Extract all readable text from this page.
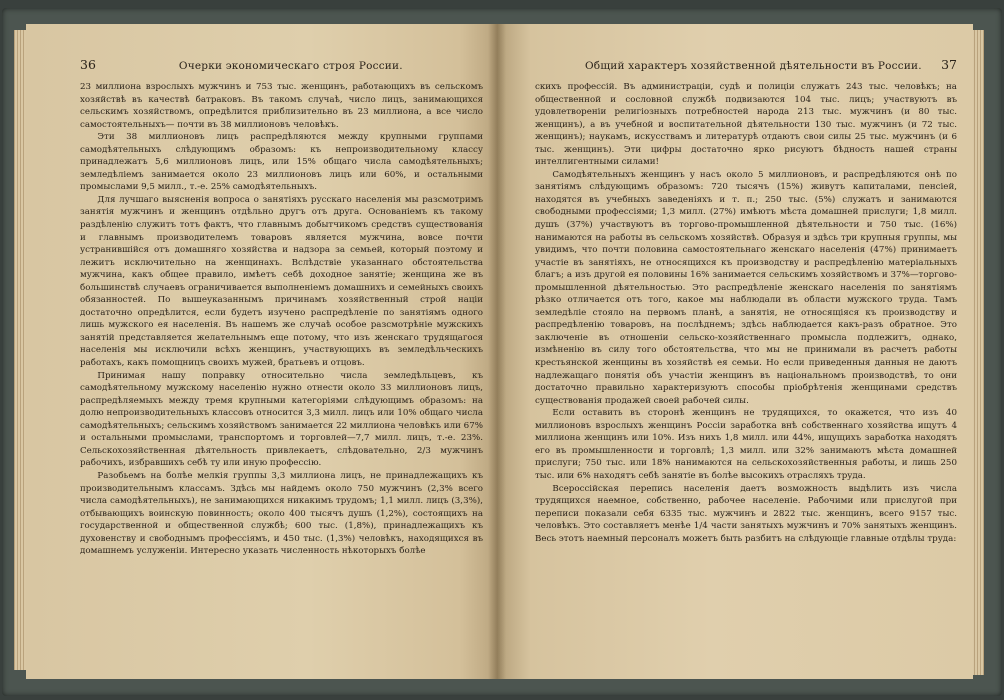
36	Очерки экономическаго строя России.

23 миллиона взрослыхъ мужчинъ и 753 тыс. женщинъ, работающихъ въ сельскомъ хозяйствѣ въ качествѣ батраковъ. Въ такомъ случаѣ, число лицъ, занимающихся сельскимъ хозяйствомъ, опредѣлится приблизительно въ 23 миллиона, а все число самостоятельныхъ— почти въ 38 миллионовъ человѣкъ.

Эти 38 миллионовъ лицъ распредѣляются между крупными группами самодѣятельныхъ слѣдующимъ образомъ: къ непроизводительному классу принадлежатъ 5,6 миллионовъ лицъ, или 15% общаго числа самодѣятельныхъ; земледѣлiемъ занимается около 23 миллионовъ лицъ или 60%, и остальными промыслами 9,5 милл., т.-е. 25% самодѣятельныхъ.

Для лучшаго выясненiя вопроса о занятiяхъ русскаго населенiя мы разсмотримъ занятiя мужчинъ и женщинъ отдѣльно другъ отъ друга. Основанiемъ къ такому раздѣленiю служитъ тотъ фактъ, что главнымъ добытчикомъ средствъ существованiя и главнымъ производителемъ товаровъ является мужчина, вовсе почти устранившiйся отъ домашняго хозяйства и надзора за семьей, который поэтому и лежитъ исключительно на женщинахъ. Вслѣдствiе указаннаго обстоятельства мужчина, какъ общее правило, имѣетъ себѣ доходное занятiе; женщина же въ большинствѣ случаевъ ограничивается выполненiемъ домашнихъ и семейныхъ своихъ обязанностей. По вышеуказаннымъ причинамъ хозяйственный строй нацiи достаточно опредѣлится, если будетъ изучено распредѣленiе по занятiямъ одного лишь мужского ея населенiя. Въ нашемъ же случаѣ особое разсмотрѣнiе мужскихъ занятiй представляется желательнымъ еще потому, что изъ женскаго трудящагося населенiя мы исключили всѣхъ женщинъ, участвующихъ въ земледѣльческихъ работахъ, какъ помощницъ своихъ мужей, братьевъ и отцовъ.

Принимая нашу поправку относительно числа земледѣльцевъ, къ самодѣятельному мужскому населенiю нужно отнести около 33 миллионовъ лицъ, распредѣляемыхъ между тремя крупными категорiями слѣдующимъ образомъ: на долю непроизводительныхъ классовъ относится 3,3 милл. лицъ или 10% общаго числа самодѣятельныхъ; сельскимъ хозяйствомъ занимается 22 миллиона человѣкъ или 67% и остальными промыслами, транспортомъ и торговлей—7,7 милл. лицъ, т.-е. 23%. Сельскохозяйственная дѣятельность привлекаетъ, слѣдовательно, 2/3 мужчинъ рабочихъ, избравшихъ себѣ ту или иную профессiю.

Разобьемъ на болѣе мелкiя группы 3,3 миллиона лицъ, не принадлежащихъ къ производительнымъ классамъ. Здѣсь мы найдемъ около 750 мужчинъ (2,3% всего числа самодѣятельныхъ), не занимающихся никакимъ трудомъ; 1,1 милл. лицъ (3,3%), отбывающихъ воинскую повинность; около 400 тысячъ душъ (1,2%), состоящихъ на государственной и общественной службѣ; 600 тыс. (1,8%), принадлежащихъ къ духовенству и свободнымъ профессiямъ, и 450 тыс. (1,3%) человѣкъ, находящихся въ домашнемъ услуженiи. Интересно указать численность нѣкоторыхъ болѣе

Общий характеръ хозяйственной дѣятельности въ России. 37

скихъ профессiй. Въ администрацiи, судѣ и полицiи служатъ 243 тыс. человѣкъ; на общественной и сословной службѣ подвизаются 104 тыс. лицъ; участвуютъ въ удовлетворенiи религiозныхъ потребностей народа 213 тыс. мужчинъ (и 80 тыс. женщинъ), а въ учебной и воспитательной дѣятельности 130 тыс. мужчинъ (и 72 тыс. женщинъ); наукамъ, искусствамъ и литературѣ отдаютъ свои силы 25 тыс. мужчинъ (и 6 тыс. женщинъ). Эти цифры достаточно ярко рисуютъ бѣдность нашей страны интеллигентными силами!

Самодѣятельныхъ женщинъ у насъ около 5 миллионовъ, и распредѣляются онѣ по занятiямъ слѣдующимъ образомъ: 720 тысячъ (15%) живутъ капиталами, пенсiей, находятся въ учебныхъ заведенiяхъ и т. п.; 250 тыс. (5%) служатъ и занимаются свободными профессiями; 1,3 милл. (27%) имѣютъ мѣста домашней прислуги; 1,8 милл. душъ (37%) участвуютъ въ торгово-промышленной дѣятельности и 750 тыс. (16%) нанимаются на работы въ сельскомъ хозяйствѣ. Образуя и здѣсь три крупныя группы, мы увидимъ, что почти половина самостоятельнаго женскаго населенiя (47%) принимаетъ участiе въ занятiяхъ, не относящихся къ производству и распредѣленiю матерiальныхъ благъ; а изъ другой ея половины 16% занимается сельскимъ хозяйствомъ и 37%—торгово-промышленной дѣятельностью. Это распредѣленiе женскаго населенiя по занятiямъ рѣзко отличается отъ того, какое мы наблюдали въ области мужского труда. Тамъ земледѣлiе стояло на первомъ планѣ, а занятiя, не относящiяся къ производству и распредѣленiю товаровъ, на послѣднемъ; здѣсь наблюдается какъ-разъ обратное. Это заключенiе въ отношенiи сельско-хозяйственнаго промысла подлежитъ, однако, измѣненiю въ силу того обстоятельства, что мы не принимали въ расчетъ работы крестьянской женщины въ хозяйствѣ ея семьи. Но если приведенныя данныя не даютъ надлежащаго понятiя объ участiи женщинъ въ нацiональномъ производствѣ, то они достаточно правильно характеризуютъ способы прiобрѣтенiя женщинами средствъ существованiя продажей своей рабочей силы.

Если оставить въ сторонѣ женщинъ не трудящихся, то окажется, что изъ 40 миллионовъ взрослыхъ женщинъ Россiи заработка внѣ собственнаго хозяйства ищутъ 4 миллиона женщинъ или 10%. Изъ нихъ 1,8 милл. или 44%, ищущихъ заработка находятъ его въ промышленности и торговлѣ; 1,3 милл. или 32% занимаютъ мѣста домашней прислуги; 750 тыс. или 18% нанимаются на сельскохозяйственныя работы, и лишь 250 тыс. или 6% находятъ себѣ занятiе въ болѣе высокихъ отрасляхъ труда.

Всероссiйская перепись населенiя даетъ возможность выдѣлить изъ числа трудящихся наемное, собственно, рабочее населенiе. Рабочими или прислугой при переписи показали себя 6335 тыс. мужчинъ и 2822 тыс. женщинъ, всего 9157 тыс. человѣкъ. Это составляетъ менѣе 1/4 части занятыхъ мужчинъ и 70% занятыхъ женщинъ. Весь этотъ наемный персоналъ можетъ быть разбитъ на слѣдующiе главные отдѣлы труда:
